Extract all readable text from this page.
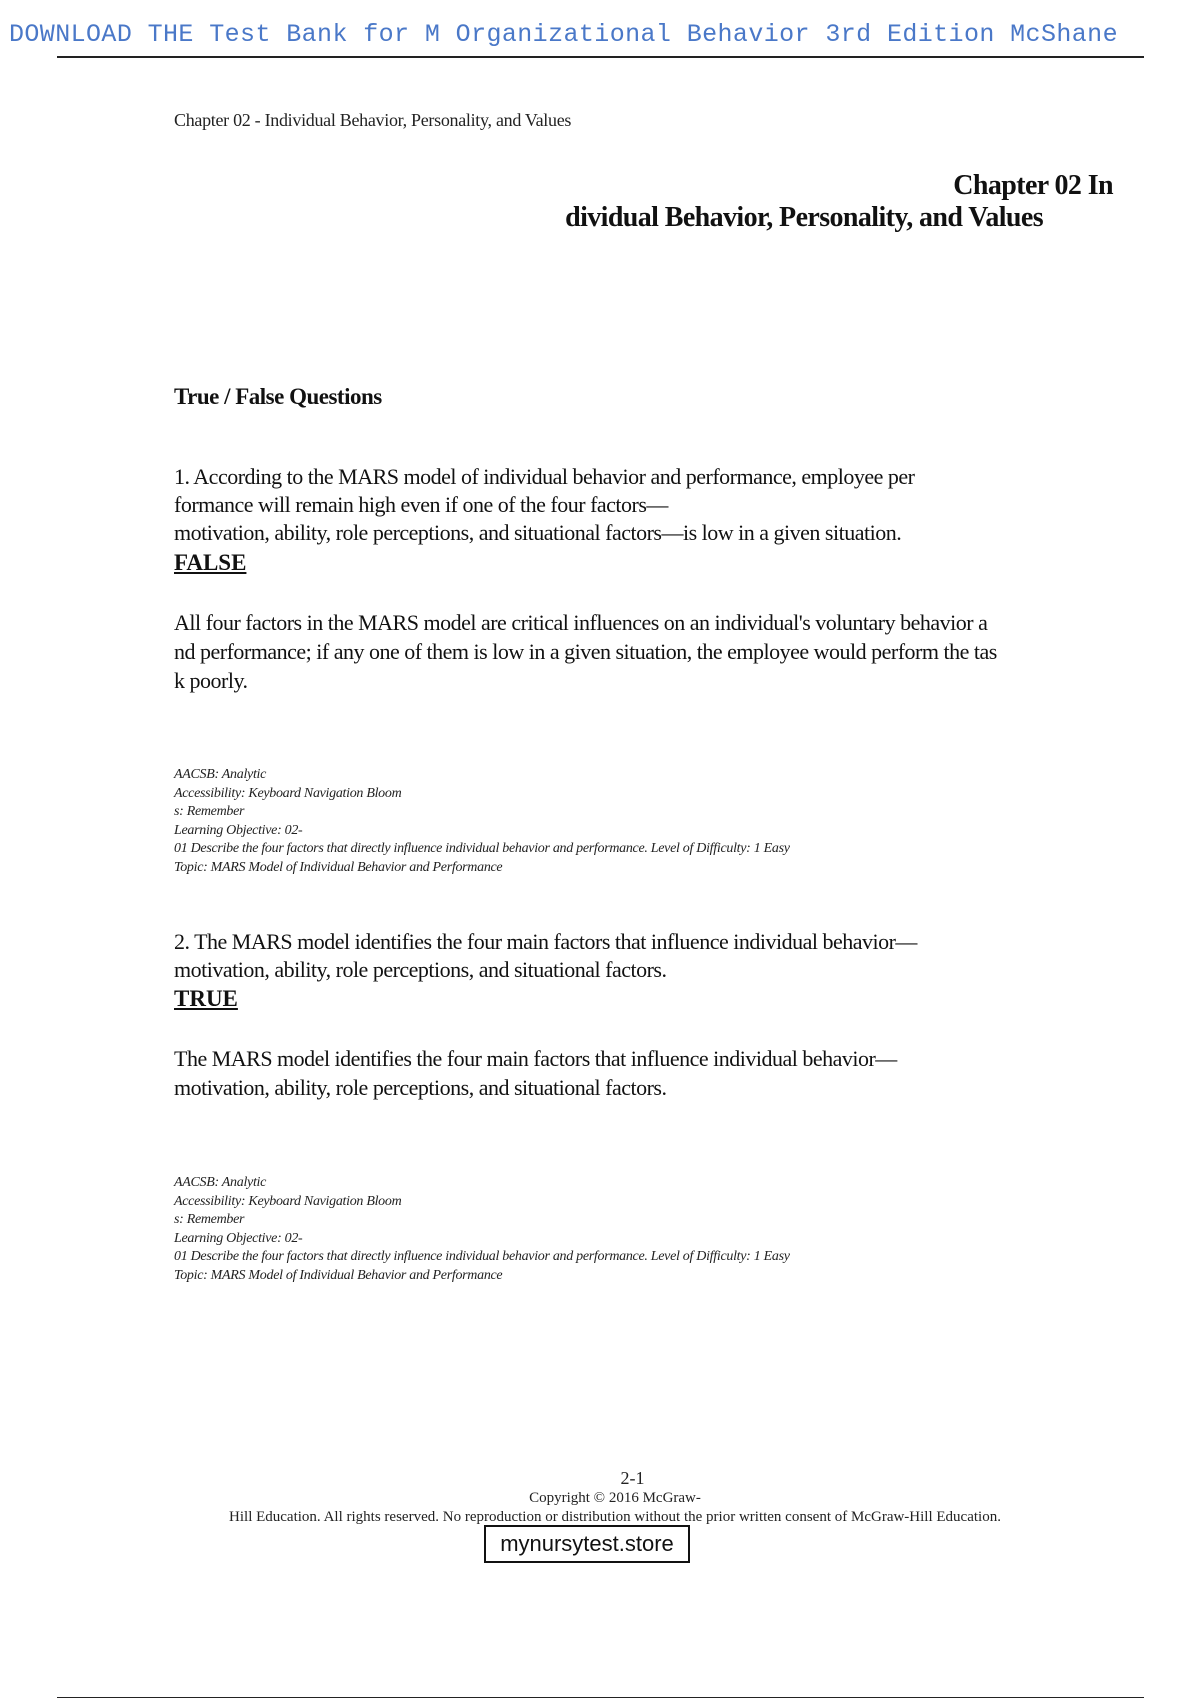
DOWNLOAD THE Test Bank for M Organizational Behavior 3rd Edition McShane
Chapter 02 - Individual Behavior, Personality, and Values
Chapter 02 In
dividual Behavior, Personality, and Values
True / False Questions
1. According to the MARS model of individual behavior and performance, employee per
formance will remain high even if one of the four factors—
motivation, ability, role perceptions, and situational factors—is low in a given situation.
FALSE
All four factors in the MARS model are critical influences on an individual's voluntary behavior a
nd performance; if any one of them is low in a given situation, the employee would perform the tas
k poorly.
AACSB: Analytic
Accessibility: Keyboard Navigation Bloom
s: Remember
Learning Objective: 02-
01 Describe the four factors that directly influence individual behavior and performance. Level of Difficulty: 1 Easy
Topic: MARS Model of Individual Behavior and Performance
2. The MARS model identifies the four main factors that influence individual behavior—
motivation, ability, role perceptions, and situational factors.
TRUE
The MARS model identifies the four main factors that influence individual behavior—
motivation, ability, role perceptions, and situational factors.
AACSB: Analytic
Accessibility: Keyboard Navigation Bloom
s: Remember
Learning Objective: 02-
01 Describe the four factors that directly influence individual behavior and performance. Level of Difficulty: 1 Easy
Topic: MARS Model of Individual Behavior and Performance
2-1
Copyright © 2016 McGraw-
Hill Education. All rights reserved. No reproduction or distribution without the prior written consent of McGraw-Hill Education.
mynursytest.store
